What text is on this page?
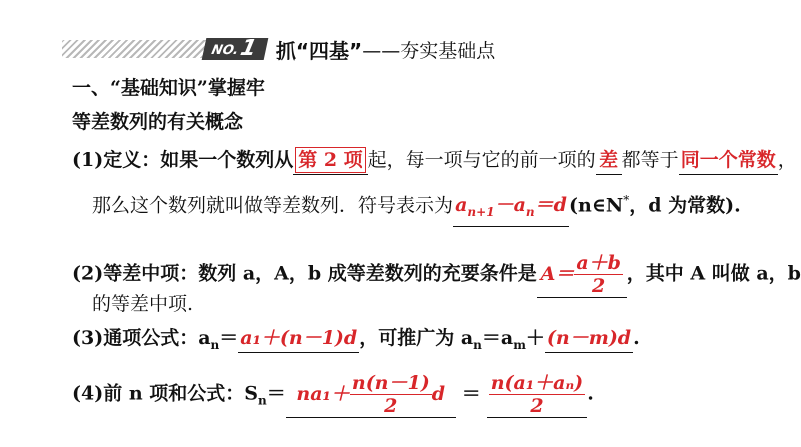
NO.
1 抓“四基” ——夯实基础点
一、“基础知识”掌握牢
等差数列的有关概念
(1)定义：如果一个数列从 第 2 项 起，每一项与它的前一项的 差 都等于 同一个常数 ，
那么这个数列就叫做等差数列．符号表示为 $a_{n+1}-a_n=d$ (n∈N*，d 为常数).
(2)等差中项：数列 a，A，b 成等差数列的充要条件是 $A= \frac{a+b}{2}$ ，其中 A 叫做 a，b
的等差中项.
(3)通项公式：$a_n= a_1+(n-1)d$ ，可推广为 $a_n=a_m+ (n-m)d$ .
(4)前 n 项和公式：$S_n= na_1+ \frac{n(n-1)}{2}$ $d = \frac{\text{n(a₁＋aₙ)}}{2}$ .
